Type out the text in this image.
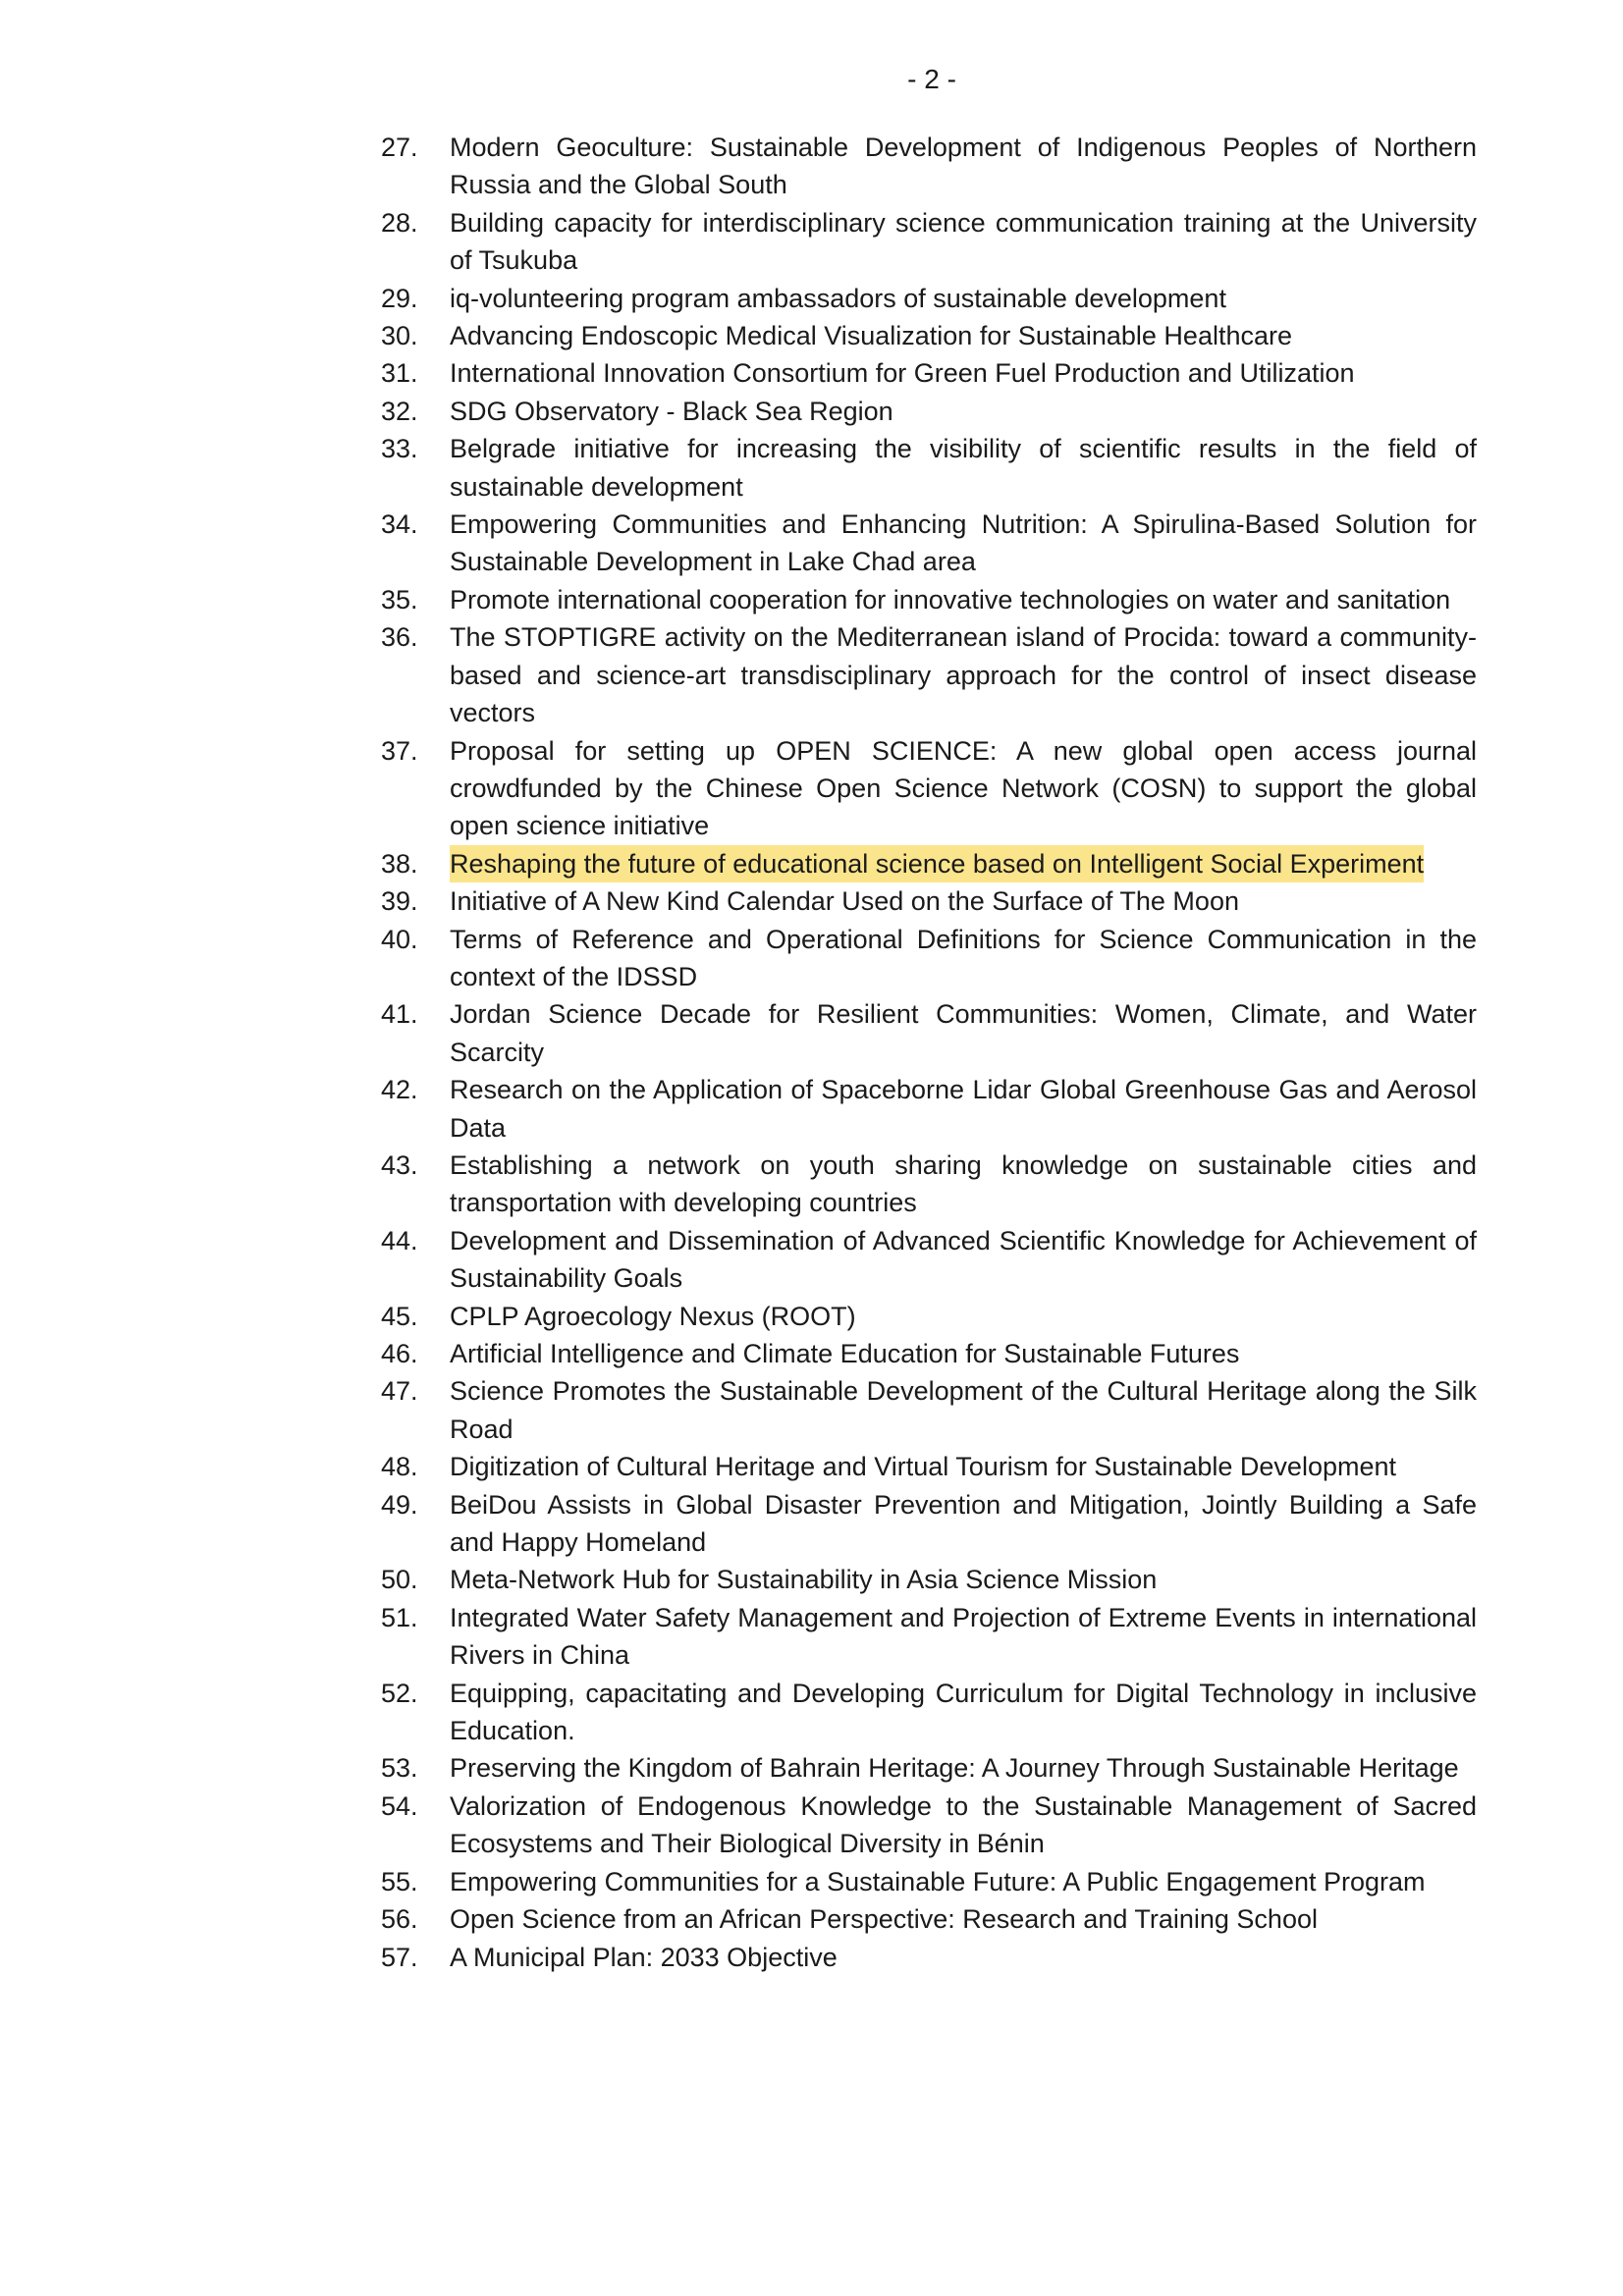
- 2 -
27.	Modern Geoculture: Sustainable Development of Indigenous Peoples of Northern Russia and the Global South
28.	Building capacity for interdisciplinary science communication training at the University of Tsukuba
29.	iq-volunteering program ambassadors of sustainable development
30.	Advancing Endoscopic Medical Visualization for Sustainable Healthcare
31.	International Innovation Consortium for Green Fuel Production and Utilization
32.	SDG Observatory - Black Sea Region
33.	Belgrade initiative for increasing the visibility of scientific results in the field of sustainable development
34.	Empowering Communities and Enhancing Nutrition: A Spirulina-Based Solution for Sustainable Development in Lake Chad area
35.	Promote international cooperation for innovative technologies on water and sanitation
36.	The STOPTIGRE activity on the Mediterranean island of Procida: toward a community-based and science-art transdisciplinary approach for the control of insect disease vectors
37.	Proposal for setting up OPEN SCIENCE: A new global open access journal crowdfunded by the Chinese Open Science Network (COSN) to support the global open science initiative
38.	Reshaping the future of educational science based on Intelligent Social Experiment
39.	Initiative of A New Kind Calendar Used on the Surface of The Moon
40.	Terms of Reference and Operational Definitions for Science Communication in the context of the IDSSD
41.	Jordan Science Decade for Resilient Communities: Women, Climate, and Water Scarcity
42.	Research on the Application of Spaceborne Lidar Global Greenhouse Gas and Aerosol Data
43.	Establishing a network on youth sharing knowledge on sustainable cities and transportation with developing countries
44.	Development and Dissemination of Advanced Scientific Knowledge for Achievement of Sustainability Goals
45.	CPLP Agroecology Nexus (ROOT)
46.	Artificial Intelligence and Climate Education for Sustainable Futures
47.	Science Promotes the Sustainable Development of the Cultural Heritage along the Silk Road
48.	Digitization of Cultural Heritage and Virtual Tourism for Sustainable Development
49.	BeiDou Assists in Global Disaster Prevention and Mitigation, Jointly Building a Safe and Happy Homeland
50.	Meta-Network Hub for Sustainability in Asia Science Mission
51.	Integrated Water Safety Management and Projection of Extreme Events in international Rivers in China
52.	Equipping, capacitating and Developing Curriculum for Digital Technology in inclusive Education.
53.	Preserving the Kingdom of Bahrain Heritage: A Journey Through Sustainable Heritage
54.	Valorization of Endogenous Knowledge to the Sustainable Management of Sacred Ecosystems and Their Biological Diversity in Bénin
55.	Empowering Communities for a Sustainable Future: A Public Engagement Program
56.	Open Science from an African Perspective: Research and Training School
57.	A Municipal Plan: 2033 Objective
